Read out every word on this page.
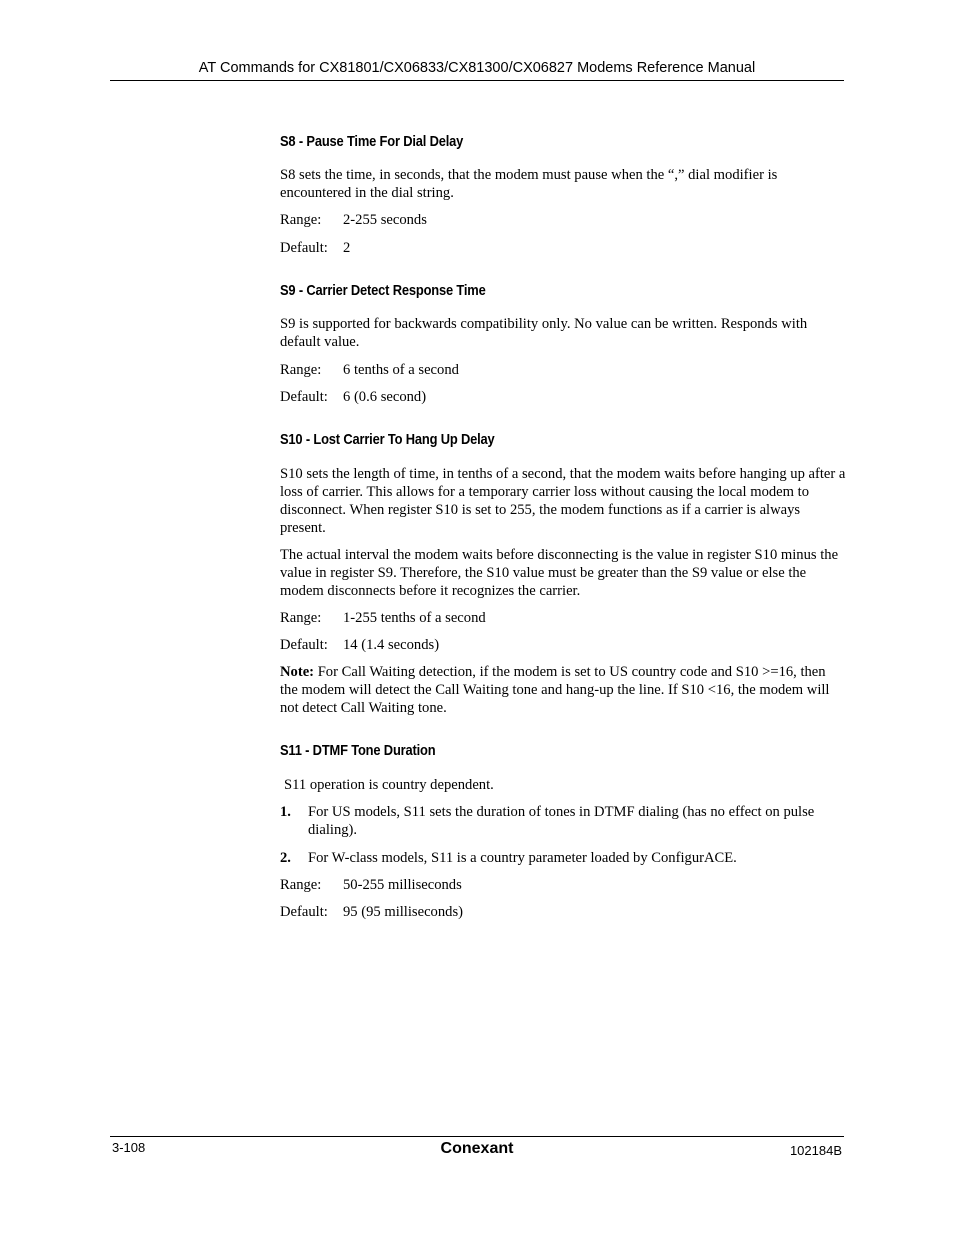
AT Commands for CX81801/CX06833/CX81300/CX06827 Modems Reference Manual
S8 - Pause Time For Dial Delay

S8 sets the time, in seconds, that the modem must pause when the “,” dial modifier is encountered in the dial string.

Range: 2-255 seconds
Default: 2
S9 - Carrier Detect Response Time

S9 is supported for backwards compatibility only. No value can be written. Responds with default value.

Range: 6 tenths of a second
Default: 6 (0.6 second)
S10 - Lost Carrier To Hang Up Delay

S10 sets the length of time, in tenths of a second, that the modem waits before hanging up after a loss of carrier. This allows for a temporary carrier loss without causing the local modem to disconnect. When register S10 is set to 255, the modem functions as if a carrier is always present.

The actual interval the modem waits before disconnecting is the value in register S10 minus the value in register S9. Therefore, the S10 value must be greater than the S9 value or else the modem disconnects before it recognizes the carrier.

Range: 1-255 tenths of a second
Default: 14 (1.4 seconds)

Note: For Call Waiting detection, if the modem is set to US country code and S10 >=16, then the modem will detect the Call Waiting tone and hang-up the line. If S10 <16, the modem will not detect Call Waiting tone.

S11 - DTMF Tone Duration

S11 operation is country dependent.

1. For US models, S11 sets the duration of tones in DTMF dialing (has no effect on pulse dialing).
2. For W-class models, S11 is a country parameter loaded by ConfigurACE.
Range: 50-255 milliseconds
Default: 95 (95 milliseconds)
3-108	Conexant	102184B
